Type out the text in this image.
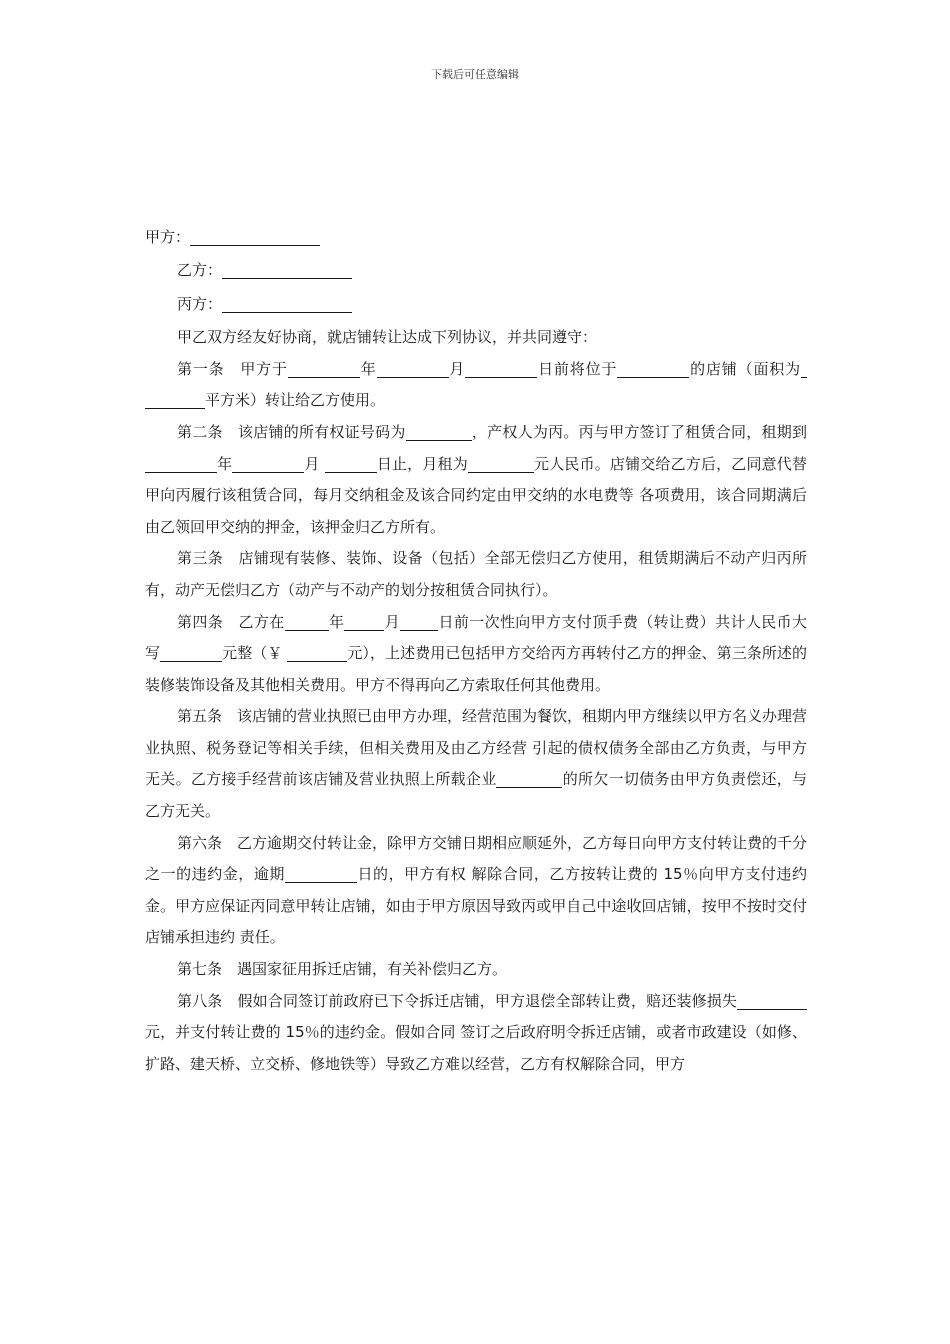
下载后可任意编辑

甲方：

乙方：

丙方：

甲乙双方经友好协商，就店铺转让达成下列协议，并共同遵守：

第一条　甲方于	年	月	日前将位于	的店铺（面积为平方米）转让给乙方使用。

第二条　该店铺的所有权证号码为	，产权人为丙。丙与甲方签订了租赁合同，租期到年	月	日止，月租为	元人民币。店铺交给乙方后，乙同意代替甲向丙履行该租赁合同，每月交纳租金及该合同约定由甲交纳的水电费等 各项费用，该合同期满后由乙领回甲交纳的押金，该押金归乙方所有。

第三条　店铺现有装修、装饰、设备（包括）全部无偿归乙方使用，租赁期满后不动产归丙所有，动产无偿归乙方（动产与不动产的划分按租赁合同执行）。

第四条　乙方在	年	月	日前一次性向甲方支付顶手费（转让费）共计人民币大写	元整（￥	元），上述费用已包括甲方交给丙方再转付乙方的押金、第三条所述的装修装饰设备及其他相关费用。甲方不得再向乙方索取任何其他费用。

第五条　该店铺的营业执照已由甲方办理，经营范围为餐饮，租期内甲方继续以甲方名义办理营业执照、税务登记等相关手续，但相关费用及由乙方经营 引起的债权债务全部由乙方负责，与甲方无关。乙方接手经营前该店铺及营业执照上所载企业	的所欠一切债务由甲方负责偿还，与乙方无关。

第六条　乙方逾期交付转让金，除甲方交铺日期相应顺延外，乙方每日向甲方支付转让费的千分之一的违约金，逾期	日的，甲方有权 解除合同，乙方按转让费的 15％向甲方支付违约金。甲方应保证丙同意甲转让店铺，如由于甲方原因导致丙或甲自己中途收回店铺，按甲不按时交付店铺承担违约 责任。

第七条　遇国家征用拆迁店铺，有关补偿归乙方。

第八条　假如合同签订前政府已下令拆迁店铺，甲方退偿全部转让费，赔还装修损失元，并支付转让费的 15％的违约金。假如合同 签订之后政府明令拆迁店铺，或者市政建设（如修、扩路、建天桥、立交桥、修地铁等）导致乙方难以经营，乙方有权解除合同，甲方
